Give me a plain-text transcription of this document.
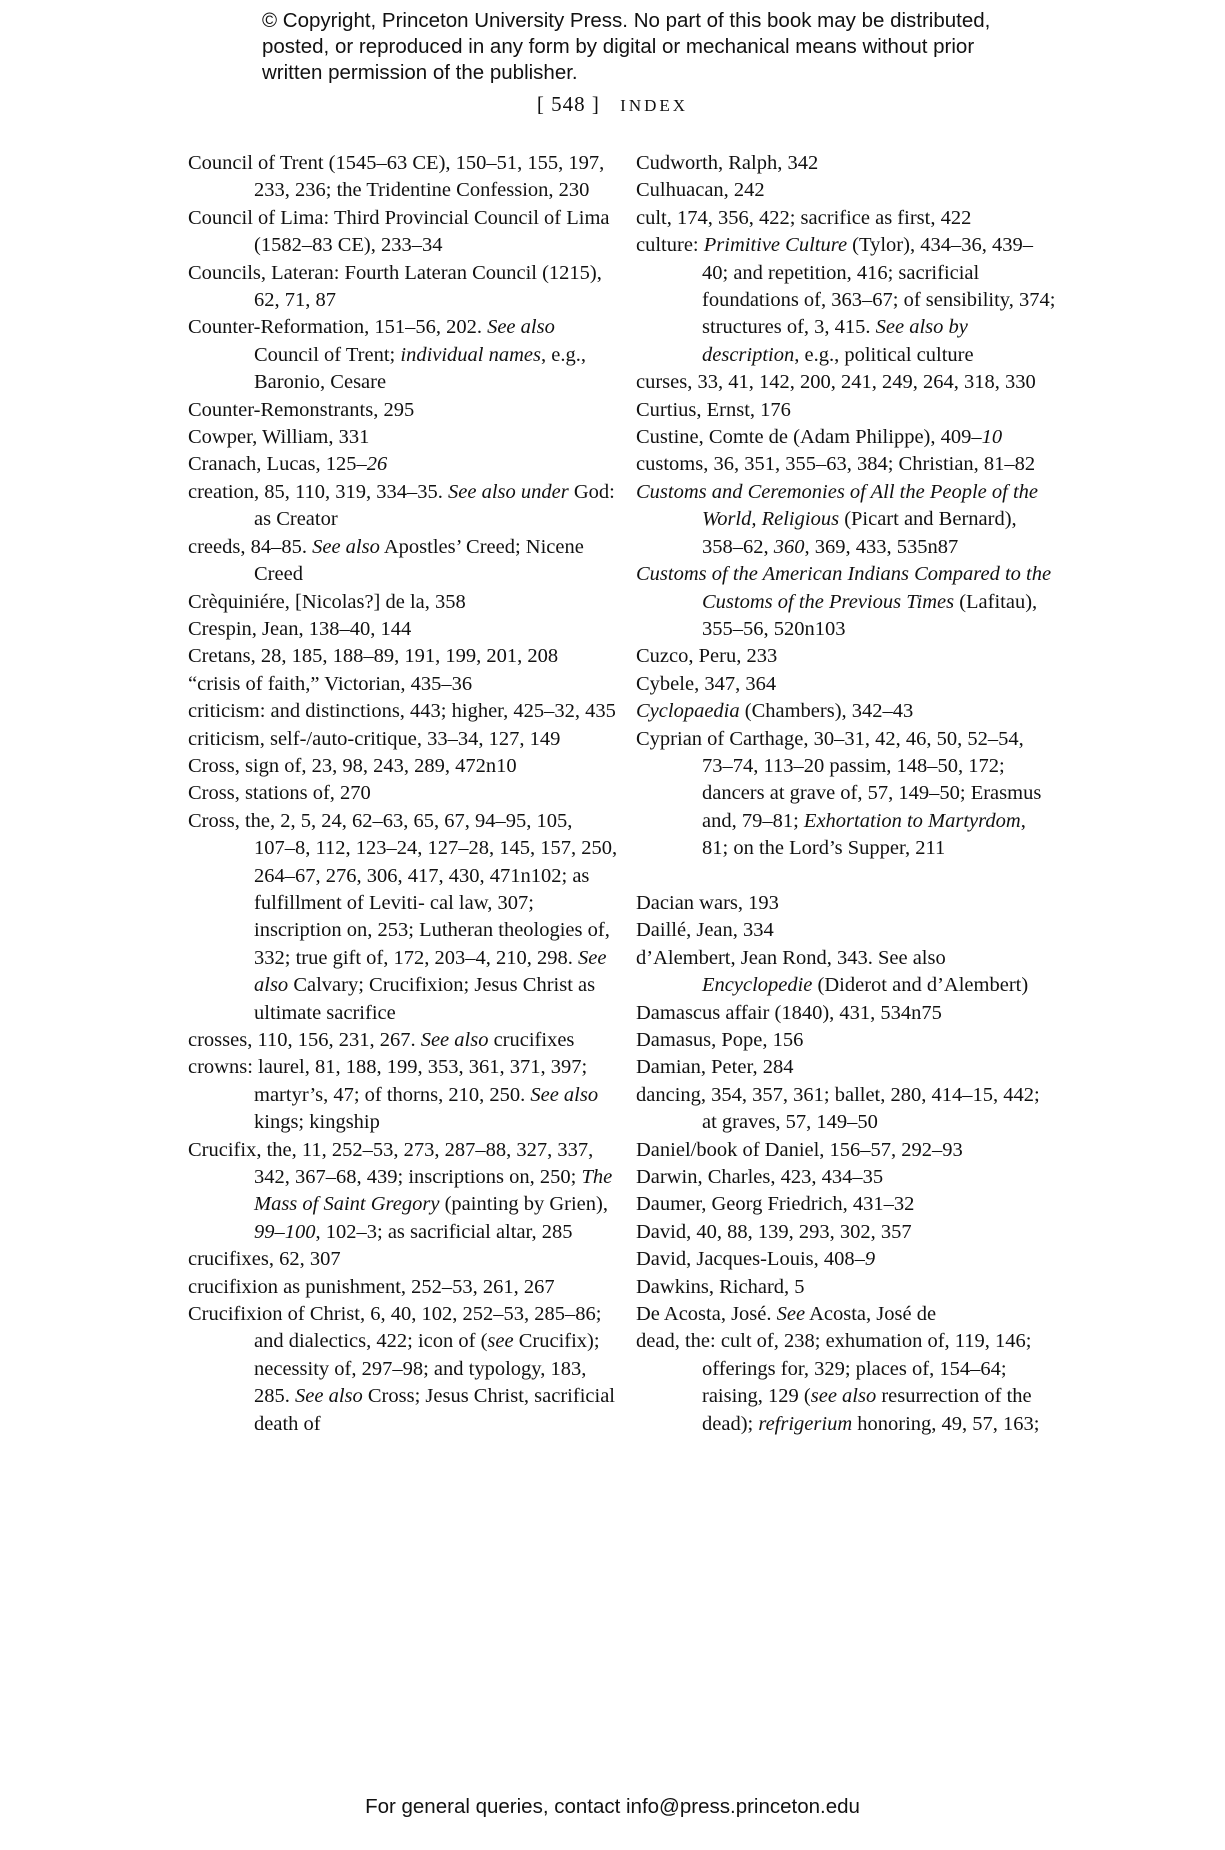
© Copyright, Princeton University Press. No part of this book may be distributed, posted, or reproduced in any form by digital or mechanical means without prior written permission of the publisher.
[ 548 ] INDEX
Council of Trent (1545–63 CE), 150–51, 155, 197, 233, 236; the Tridentine Confession, 230
Council of Lima: Third Provincial Council of Lima (1582–83 CE), 233–34
Councils, Lateran: Fourth Lateran Council (1215), 62, 71, 87
Counter-Reformation, 151–56, 202. See also Council of Trent; individual names, e.g., Baronio, Cesare
Counter-Remonstrants, 295
Cowper, William, 331
Cranach, Lucas, 125–26
creation, 85, 110, 319, 334–35. See also under God: as Creator
creeds, 84–85. See also Apostles’ Creed; Nicene Creed
Crèquiniére, [Nicolas?] de la, 358
Crespin, Jean, 138–40, 144
Cretans, 28, 185, 188–89, 191, 199, 201, 208
“crisis of faith,” Victorian, 435–36
criticism: and distinctions, 443; higher, 425–32, 435
criticism, self-/auto-critique, 33–34, 127, 149
Cross, sign of, 23, 98, 243, 289, 472n10
Cross, stations of, 270
Cross, the, 2, 5, 24, 62–63, 65, 67, 94–95, 105, 107–8, 112, 123–24, 127–28, 145, 157, 250, 264–67, 276, 306, 417, 430, 471n102; as fulfillment of Leviti- cal law, 307; inscription on, 253; Lutheran theologies of, 332; true gift of, 172, 203–4, 210, 298. See also Calvary; Crucifixion; Jesus Christ as ultimate sacrifice
crosses, 110, 156, 231, 267. See also crucifixes
crowns: laurel, 81, 188, 199, 353, 361, 371, 397; martyr’s, 47; of thorns, 210, 250. See also kings; kingship
Crucifix, the, 11, 252–53, 273, 287–88, 327, 337, 342, 367–68, 439; inscriptions on, 250; The Mass of Saint Gregory (painting by Grien), 99–100, 102–3; as sacrificial altar, 285
crucifixes, 62, 307
crucifixion as punishment, 252–53, 261, 267
Crucifixion of Christ, 6, 40, 102, 252–53, 285–86; and dialectics, 422; icon of (see Crucifix); necessity of, 297–98; and typology, 183, 285. See also Cross; Jesus Christ, sacrificial death of
Cudworth, Ralph, 342
Culhuacan, 242
cult, 174, 356, 422; sacrifice as first, 422
culture: Primitive Culture (Tylor), 434–36, 439–40; and repetition, 416; sacrificial foundations of, 363–67; of sensibility, 374; structures of, 3, 415. See also by description, e.g., political culture
curses, 33, 41, 142, 200, 241, 249, 264, 318, 330
Curtius, Ernst, 176
Custine, Comte de (Adam Philippe), 409–10
customs, 36, 351, 355–63, 384; Christian, 81–82
Customs and Ceremonies of All the People of the World, Religious (Picart and Bernard), 358–62, 360, 369, 433, 535n87
Customs of the American Indians Compared to the Customs of the Previous Times (Lafitau), 355–56, 520n103
Cuzco, Peru, 233
Cybele, 347, 364
Cyclopaedia (Chambers), 342–43
Cyprian of Carthage, 30–31, 42, 46, 50, 52–54, 73–74, 113–20 passim, 148–50, 172; dancers at grave of, 57, 149–50; Erasmus and, 79–81; Exhortation to Martyrdom, 81; on the Lord’s Supper, 211
Dacian wars, 193
Daillé, Jean, 334
d’Alembert, Jean Rond, 343. See also Encyclopedie (Diderot and d’Alembert)
Damascus affair (1840), 431, 534n75
Damasus, Pope, 156
Damian, Peter, 284
dancing, 354, 357, 361; ballet, 280, 414–15, 442; at graves, 57, 149–50
Daniel/book of Daniel, 156–57, 292–93
Darwin, Charles, 423, 434–35
Daumer, Georg Friedrich, 431–32
David, 40, 88, 139, 293, 302, 357
David, Jacques-Louis, 408–9
Dawkins, Richard, 5
De Acosta, José. See Acosta, José de
dead, the: cult of, 238; exhumation of, 119, 146; offerings for, 329; places of, 154–64; raising, 129 (see also resurrection of the dead); refrigerium honoring, 49, 57, 163;
For general queries, contact info@press.princeton.edu
